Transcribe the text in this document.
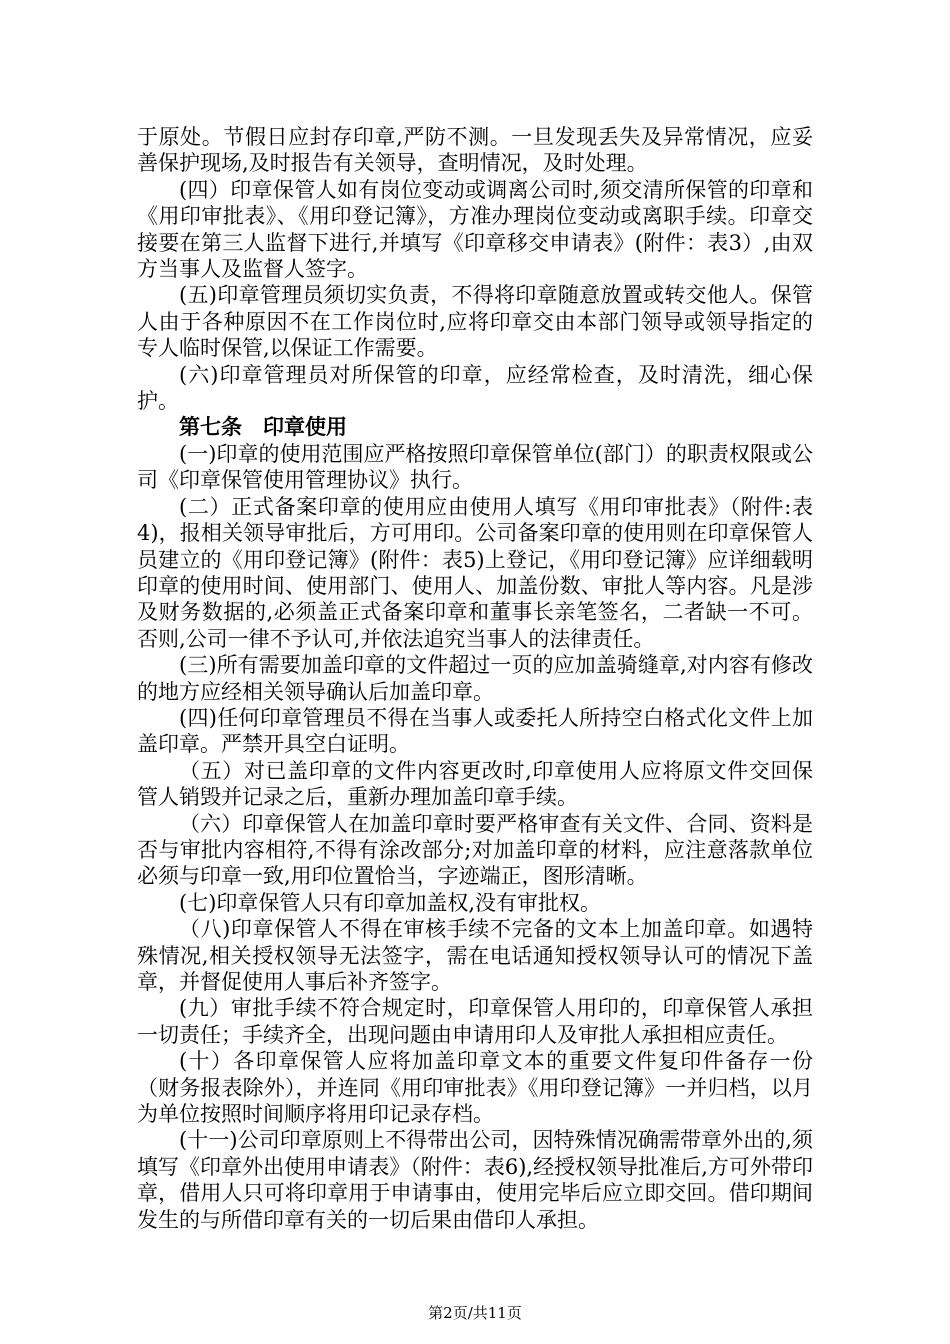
于原处。节假日应封存印章,严防不测。一旦发现丢失及异常情况，应妥善保护现场,及时报告有关领导，查明情况，及时处理。

(四）印章保管人如有岗位变动或调离公司时,须交清所保管的印章和《用印审批表》、《用印登记簿》，方准办理岗位变动或离职手续。印章交接要在第三人监督下进行,并填写《印章移交申请表》(附件：表3）,由双方当事人及监督人签字。

(五)印章管理员须切实负责，不得将印章随意放置或转交他人。保管人由于各种原因不在工作岗位时,应将印章交由本部门领导或领导指定的专人临时保管,以保证工作需要。

(六)印章管理员对所保管的印章，应经常检查，及时清洗，细心保护。

第七条　印章使用

(一)印章的使用范围应严格按照印章保管单位(部门）的职责权限或公司《印章保管使用管理协议》执行。

(二）正式备案印章的使用应由使用人填写《用印审批表》（附件:表4)，报相关领导审批后，方可用印。公司备案印章的使用则在印章保管人员建立的《用印登记簿》(附件：表5)上登记，《用印登记簿》应详细载明印章的使用时间、使用部门、使用人、加盖份数、审批人等内容。凡是涉及财务数据的,必须盖正式备案印章和董事长亲笔签名，二者缺一不可。否则,公司一律不予认可,并依法追究当事人的法律责任。

(三)所有需要加盖印章的文件超过一页的应加盖骑缝章,对内容有修改的地方应经相关领导确认后加盖印章。

(四)任何印章管理员不得在当事人或委托人所持空白格式化文件上加盖印章。严禁开具空白证明。

（五）对已盖印章的文件内容更改时,印章使用人应将原文件交回保管人销毁并记录之后，重新办理加盖印章手续。

（六）印章保管人在加盖印章时要严格审查有关文件、合同、资料是否与审批内容相符,不得有涂改部分;对加盖印章的材料，应注意落款单位必须与印章一致,用印位置恰当，字迹端正，图形清晰。

(七)印章保管人只有印章加盖权,没有审批权。

（八)印章保管人不得在审核手续不完备的文本上加盖印章。如遇特殊情况,相关授权领导无法签字，需在电话通知授权领导认可的情况下盖章，并督促使用人事后补齐签字。

(九）审批手续不符合规定时，印章保管人用印的，印章保管人承担一切责任；手续齐全，出现问题由申请用印人及审批人承担相应责任。

(十）各印章保管人应将加盖印章文本的重要文件复印件备存一份（财务报表除外），并连同《用印审批表》《用印登记簿》一并归档，以月为单位按照时间顺序将用印记录存档。

(十一)公司印章原则上不得带出公司，因特殊情况确需带章外出的,须填写《印章外出使用申请表》（附件：表6),经授权领导批准后,方可外带印章，借用人只可将印章用于申请事由，使用完毕后应立即交回。借印期间发生的与所借印章有关的一切后果由借印人承担。

第2页/共11页
